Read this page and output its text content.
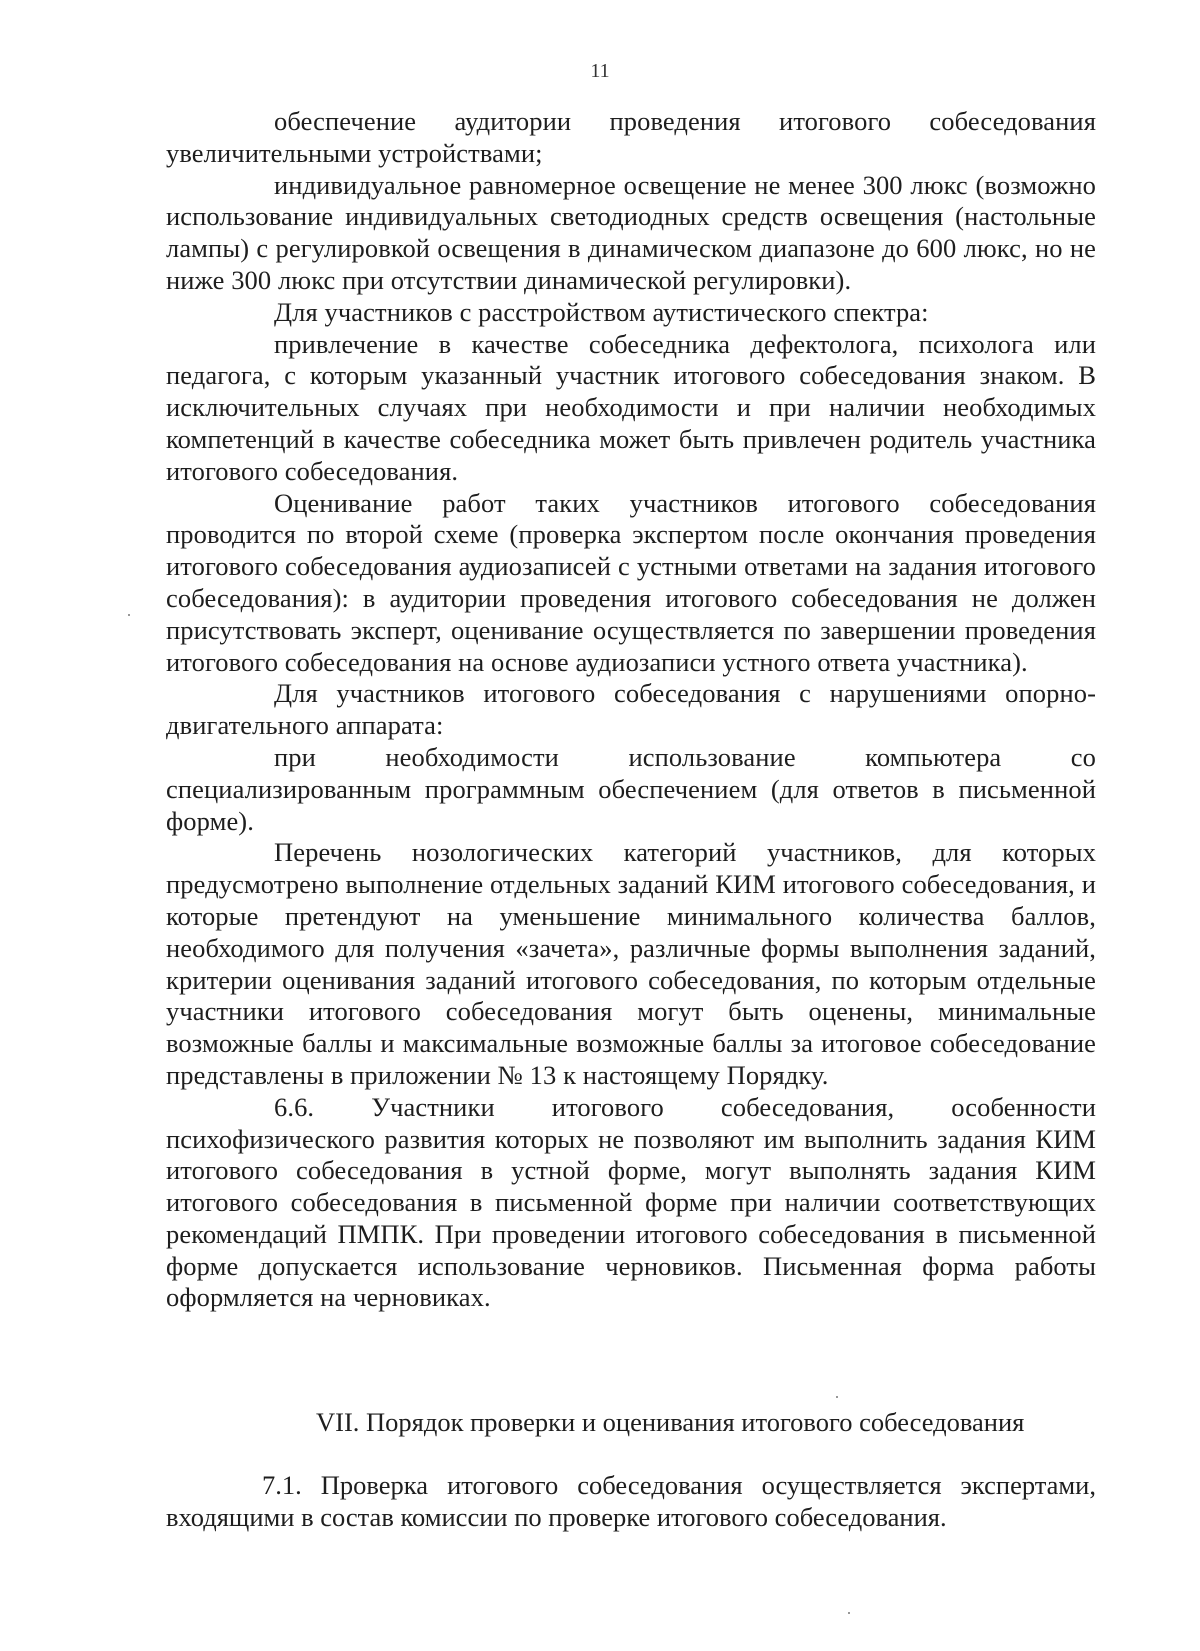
11

обеспечение аудитории проведения итогового собеседования увеличительными устройствами;

индивидуальное равномерное освещение не менее 300 люкс (возможно использование индивидуальных светодиодных средств освещения (настольные лампы) с регулировкой освещения в динамическом диапазоне до 600 люкс, но не ниже 300 люкс при отсутствии динамической регулировки).

Для участников с расстройством аутистического спектра:

привлечение в качестве собеседника дефектолога, психолога или педагога, с которым указанный участник итогового собеседования знаком. В исключительных случаях при необходимости и при наличии необходимых компетенций в качестве собеседника может быть привлечен родитель участника итогового собеседования.

Оценивание работ таких участников итогового собеседования проводится по второй схеме (проверка экспертом после окончания проведения итогового собеседования аудиозаписей с устными ответами на задания итогового собеседования): в аудитории проведения итогового собеседования не должен присутствовать эксперт, оценивание осуществляется по завершении проведения итогового собеседования на основе аудиозаписи устного ответа участника).

Для участников итогового собеседования с нарушениями опорно-двигательного аппарата:

при необходимости использование компьютера со специализированным программным обеспечением (для ответов в письменной форме).

Перечень нозологических категорий участников, для которых предусмотрено выполнение отдельных заданий КИМ итогового собеседования, и которые претендуют на уменьшение минимального количества баллов, необходимого для получения «зачета», различные формы выполнения заданий, критерии оценивания заданий итогового собеседования, по которым отдельные участники итогового собеседования могут быть оценены, минимальные возможные баллы и максимальные возможные баллы за итоговое собеседование представлены в приложении № 13 к настоящему Порядку.

6.6. Участники итогового собеседования, особенности психофизического развития которых не позволяют им выполнить задания КИМ итогового собеседования в устной форме, могут выполнять задания КИМ итогового собеседования в письменной форме при наличии соответствующих рекомендаций ПМПК. При проведении итогового собеседования в письменной форме допускается использование черновиков. Письменная форма работы оформляется на черновиках.

VII. Порядок проверки и оценивания итогового собеседования

7.1. Проверка итогового собеседования осуществляется экспертами, входящими в состав комиссии по проверке итогового собеседования.
